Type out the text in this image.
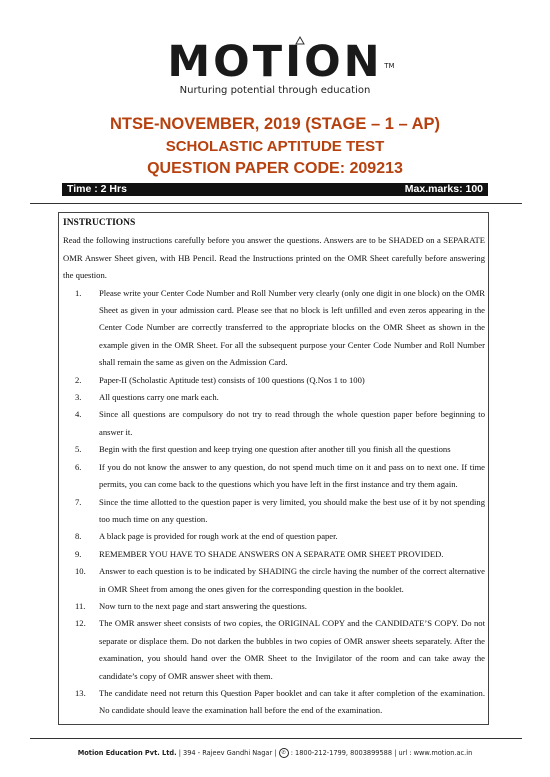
MOTION TM
Nurturing potential through education
NTSE-NOVEMBER, 2019 (STAGE – 1 – AP)
SCHOLASTIC APTITUDE TEST
QUESTION PAPER CODE: 209213
Time : 2 Hrs	Max.marks: 100
INSTRUCTIONS
Read the following instructions carefully before you answer the questions. Answers are to be SHADED on a SEPARATE OMR Answer Sheet given, with HB Pencil. Read the Instructions printed on the OMR Sheet carefully before answering the question.
1.	Please write your Center Code Number and Roll Number very clearly (only one digit in one block) on the OMR Sheet as given in your admission card. Please see that no block is left unfilled and even zeros appearing in the Center Code Number are correctly transferred to the appropriate blocks on the OMR Sheet as shown in the example given in the OMR Sheet. For all the subsequent purpose your Center Code Number and Roll Number shall remain the same as given on the Admission Card.
2.	Paper-II (Scholastic Aptitude test) consists of 100 questions (Q.Nos 1 to 100)
3.	All questions carry one mark each.
4.	Since all questions are compulsory do not try to read through the whole question paper before beginning to answer it.
5.	Begin with the first question and keep trying one question after another till you finish all the questions
6.	If you do not know the answer to any question, do not spend much time on it and pass on to next one. If time permits, you can come back to the questions which you have left in the first instance and try them again.
7.	Since the time allotted to the question paper is very limited, you should make the best use of it by not spending too much time on any question.
8.	A black page is provided for rough work at the end of question paper.
9.	REMEMBER YOU HAVE TO SHADE ANSWERS ON A SEPARATE OMR SHEET PROVIDED.
10.	Answer to each question is to be indicated by SHADING the circle having the number of the correct alternative in OMR Sheet from among the ones given for the corresponding question in the booklet.
11.	Now turn to the next page and start answering the questions.
12.	The OMR answer sheet consists of two copies, the ORIGINAL COPY and the CANDIDATE’S COPY. Do not separate or displace them. Do not darken the bubbles in two copies of OMR answer sheets separately. After the examination, you should hand over the OMR Sheet to the Invigilator of the room and can take away the candidate’s copy of OMR answer sheet with them.
13.	The candidate need not return this Question Paper booklet and can take it after completion of the examination. No candidate should leave the examination hall before the end of the examination.
Motion Education Pvt. Ltd. | 394 - Rajeev Gandhi Nagar | ✆ : 1800-212-1799, 8003899588 | url : www.motion.ac.in
